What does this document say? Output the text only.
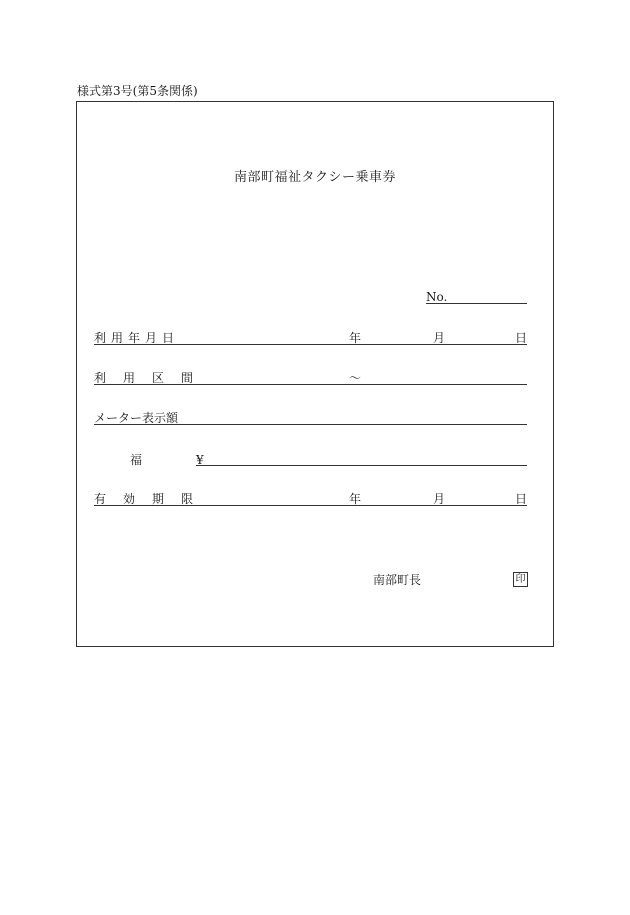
様式第3号(第5条関係)
南部町福祉タクシー乗車券
No.
利用年月日	年	月	日
利用区間	～
メーター表示額
福	¥
有効期限	年	月	日
南部町長	印
